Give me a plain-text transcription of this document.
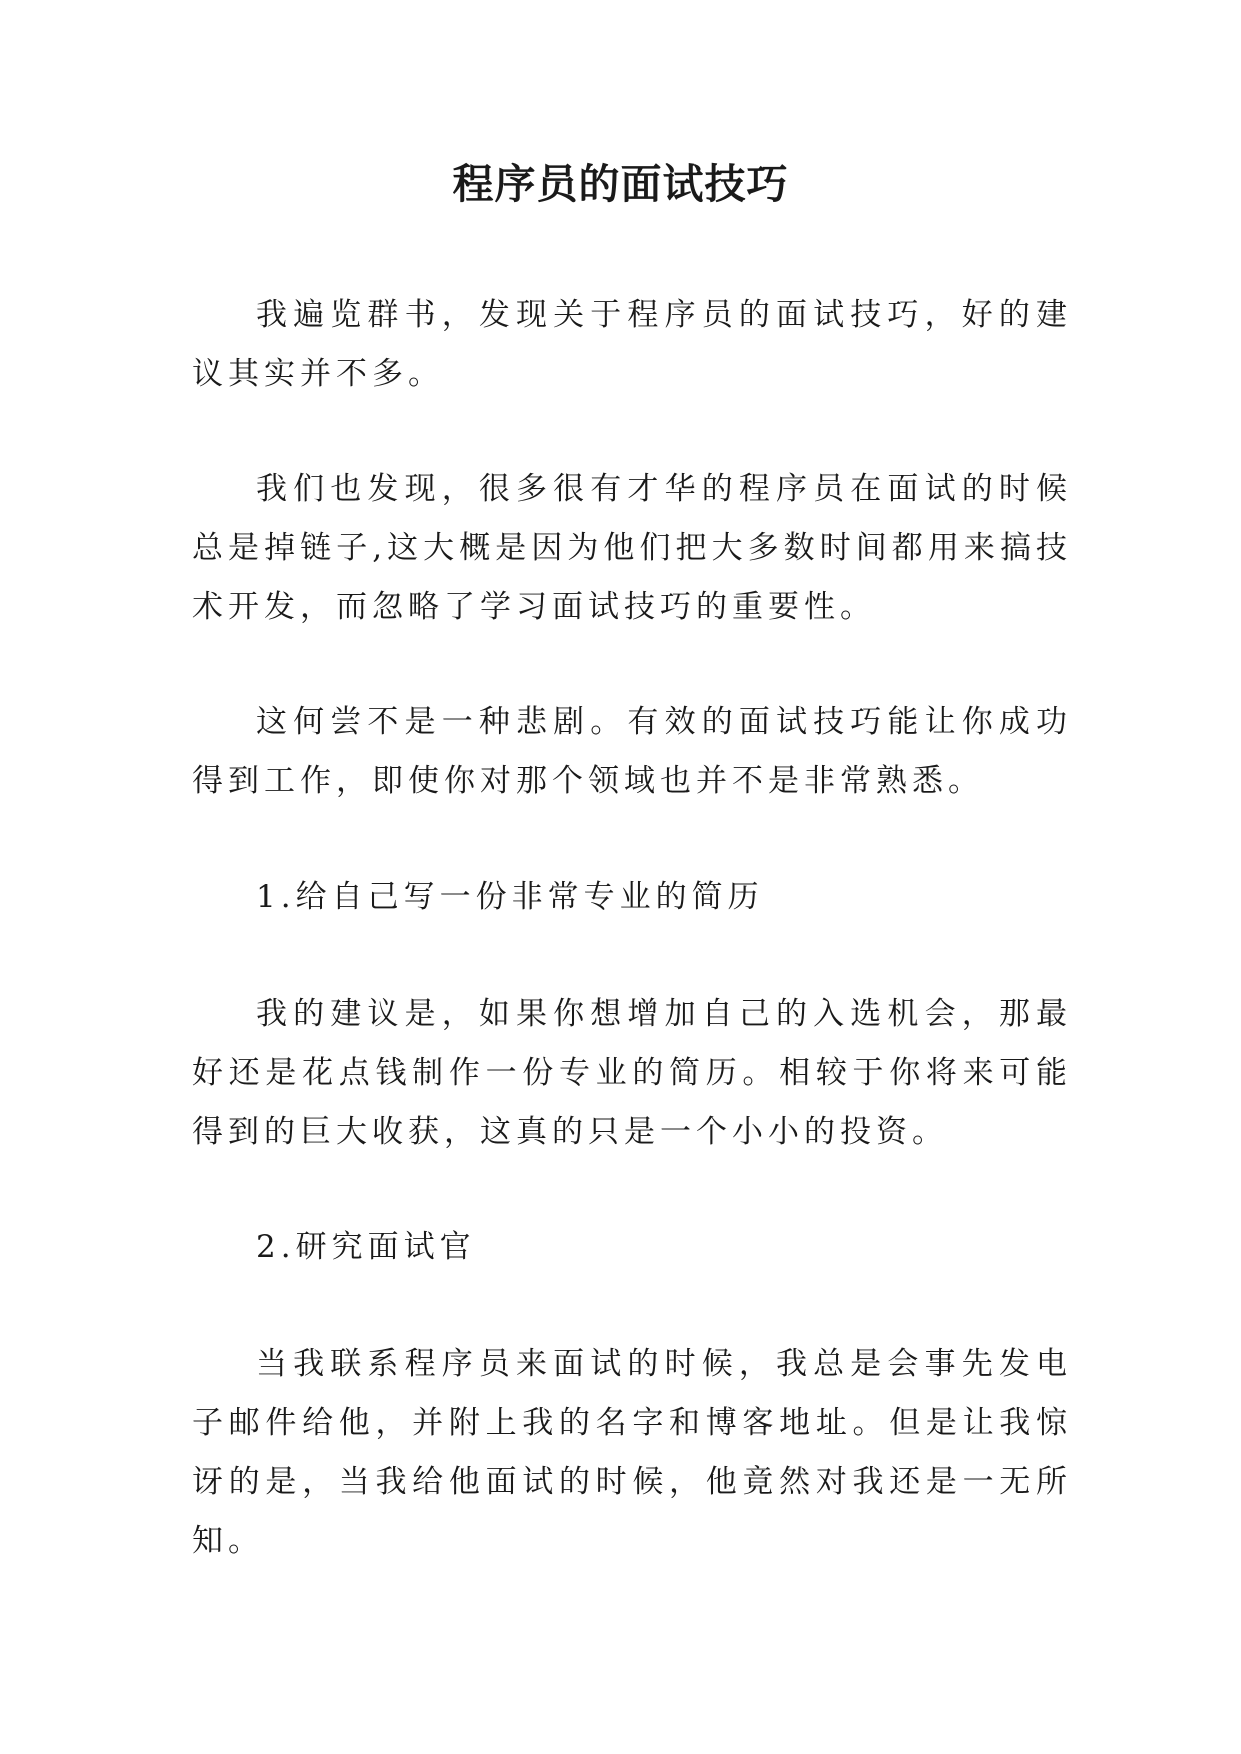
程序员的面试技巧

我遍览群书，发现关于程序员的面试技巧，好的建议其实并不多。

我们也发现，很多很有才华的程序员在面试的时候总是掉链子,这大概是因为他们把大多数时间都用来搞技术开发，而忽略了学习面试技巧的重要性。

这何尝不是一种悲剧。有效的面试技巧能让你成功得到工作，即使你对那个领域也并不是非常熟悉。

1.给自己写一份非常专业的简历

我的建议是，如果你想增加自己的入选机会，那最好还是花点钱制作一份专业的简历。相较于你将来可能得到的巨大收获，这真的只是一个小小的投资。

2.研究面试官

当我联系程序员来面试的时候，我总是会事先发电子邮件给他，并附上我的名字和博客地址。但是让我惊讶的是，当我给他面试的时候，他竟然对我还是一无所知。
